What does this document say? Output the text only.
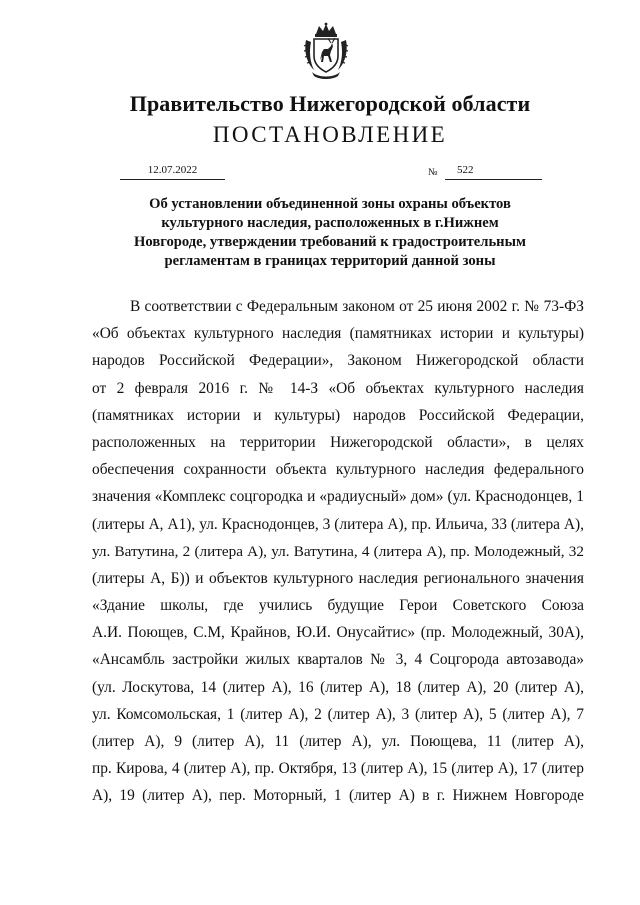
Правительство Нижегородской области
ПОСТАНОВЛЕНИЕ
12.07.2022	№	522
Об установлении объединенной зоны охраны объектов
культурного наследия, расположенных в г.Нижнем
Новгороде, утверждении требований к градостроительным
регламентам в границах территорий данной зоны
В соответствии с Федеральным законом от 25 июня 2002 г. № 73-ФЗ
«Об объектах культурного наследия (памятниках истории и культуры)
народов Российской Федерации», Законом Нижегородской области
от 2 февраля 2016 г. № 14-З «Об объектах культурного наследия
(памятниках истории и культуры) народов Российской Федерации,
расположенных на территории Нижегородской области», в целях
обеспечения сохранности объекта культурного наследия федерального
значения «Комплекс соцгородка и «радиусный» дом» (ул. Краснодонцев, 1
(литеры А, А1), ул. Краснодонцев, 3 (литера А), пр. Ильича, 33 (литера А),
ул. Ватутина, 2 (литера А), ул. Ватутина, 4 (литера А), пр. Молодежный, 32
(литеры А, Б)) и объектов культурного наследия регионального значения
«Здание школы, где учились будущие Герои Советского Союза
А.И. Поющев, С.М, Крайнов, Ю.И. Онусайтис» (пр. Молодежный, 30А),
«Ансамбль застройки жилых кварталов № 3, 4 Соцгорода автозавода»
(ул. Лоскутова, 14 (литер А), 16 (литер А), 18 (литер А), 20 (литер А),
ул. Комсомольская, 1 (литер А), 2 (литер А), 3 (литер А), 5 (литер А), 7
(литер А), 9 (литер А), 11 (литер А), ул. Поющева, 11 (литер А),
пр. Кирова, 4 (литер А), пр. Октября, 13 (литер А), 15 (литер А), 17 (литер
А), 19 (литер А), пер. Моторный, 1 (литер А) в г. Нижнем Новгороде
